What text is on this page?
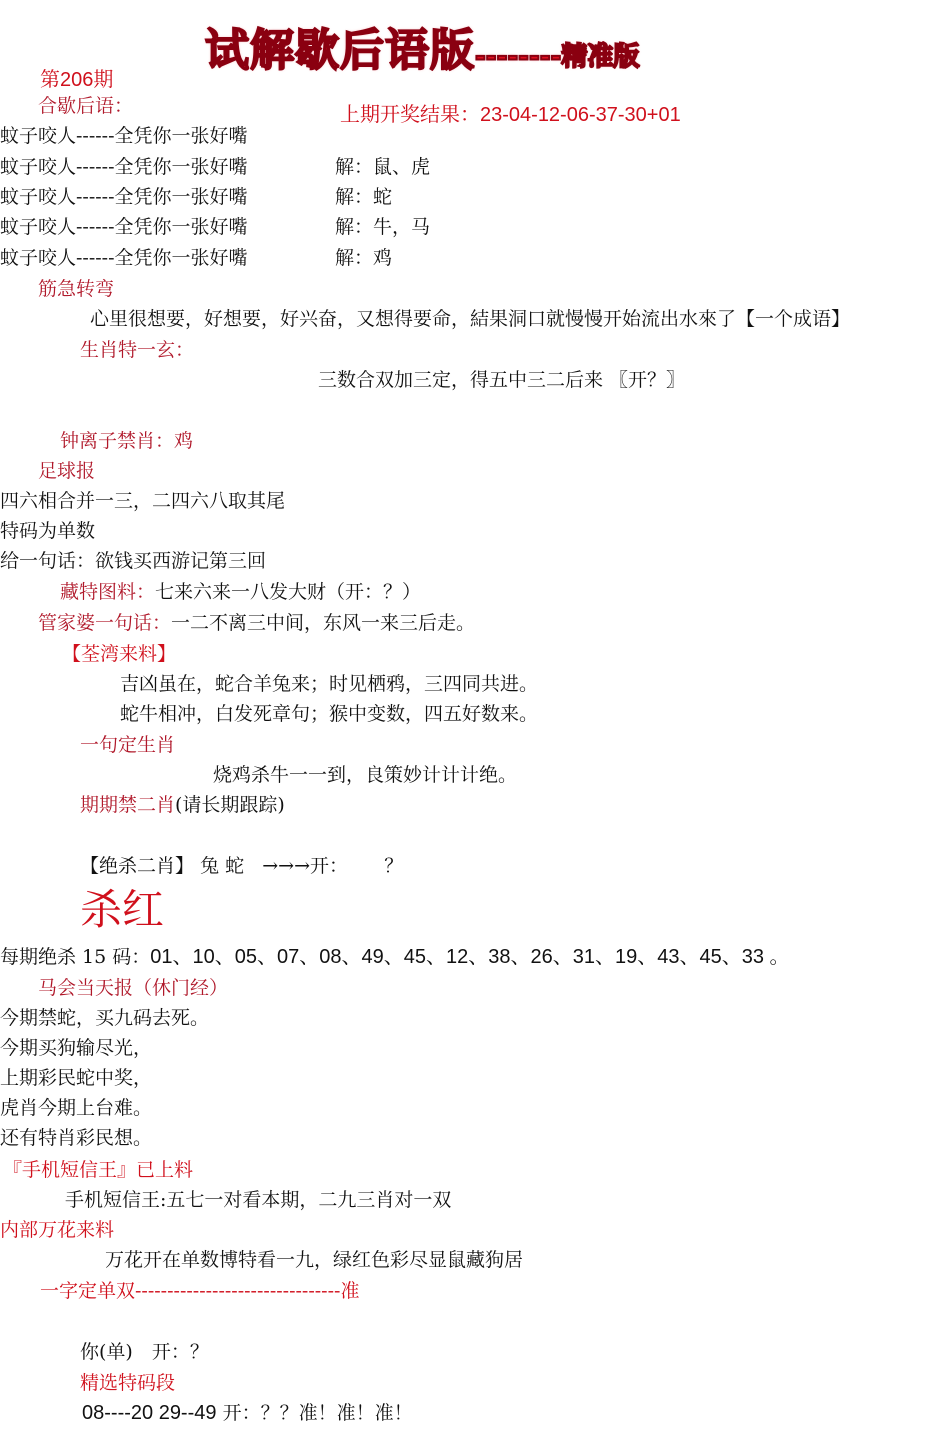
试解歇后语版--------精准版
第206期
合歇后语：	上期开奖结果：23-04-12-06-37-30+01
蚊子咬人------全凭你一张好嘴
蚊子咬人------全凭你一张好嘴	解：鼠、虎
蚊子咬人------全凭你一张好嘴	解：蛇
蚊子咬人------全凭你一张好嘴	解：牛，马
蚊子咬人------全凭你一张好嘴	解：鸡
筋急转弯
心里很想要，好想要，好兴奋，又想得要命，結果洞口就慢慢开始流出水來了【一个成语】
生肖特一玄：
三数合双加三定，得五中三二后来 〖开？〗
钟离子禁肖：鸡
足球报
四六相合并一三，二四六八取其尾
特码为单数
给一句话：欲钱买西游记第三回
藏特图料：七来六来一八发大财（开：？）
管家婆一句话：一二不离三中间，东风一来三后走。
【荃湾来料】
吉凶虽在，蛇合羊兔来；时见栖鸦，三四同共进。
蛇牛相冲，白发死章句；猴中变数，四五好数来。
一句定生肖
烧鸡杀牛一一到，良策妙计计计绝。
期期禁二肖(请长期跟踪)
【绝杀二肖】 兔 蛇 →→→开： ？
杀红
每期绝杀 15 码：01、10、05、07、08、49、45、12、38、26、31、19、43、45、33 。
马会当天报（休门经）
今期禁蛇，买九码去死。
今期买狗输尽光，
上期彩民蛇中奖，
虎肖今期上台难。
还有特肖彩民想。
『手机短信王』已上料
手机短信王:五七一对看本期，二九三肖对一双
内部万花来料
万花开在单数博特看一九，绿红色彩尽显鼠藏狗居
一字定单双--------------------------------准
你(单)　开：？
精选特码段
08----20 29--49 开：？？准！准！准！
